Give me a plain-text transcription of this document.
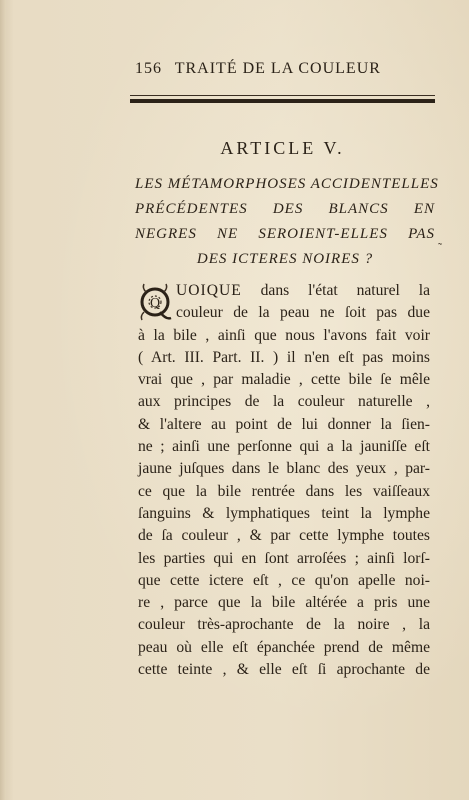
156 TRAITÉ DE LA COULEUR
ARTICLE V.
LES MÉTAMORPHOSES ACCIDENTELLES
PRÉCÉDENTES DES BLANCS EN
NEGRES NE SEROIENT-ELLES PAS
DES ICTERES NOIRES ?
˜
Q
UOIQUE dans l'état naturel la
couleur de la peau ne ſoit pas due
à la bile , ainſi que nous l'avons fait voir
( Art. III. Part. II. ) il n'en eſt pas moins
vrai que , par maladie , cette bile ſe mêle
aux principes de la couleur naturelle ,
& l'altere au point de lui donner la ſien-
ne ; ainſi une perſonne qui a la jauniſſe eſt
jaune juſques dans le blanc des yeux , par-
ce que la bile rentrée dans les vaiſſeaux
ſanguins & lymphatiques teint la lymphe
de ſa couleur , & par cette lymphe toutes
les parties qui en ſont arroſées ; ainſi lorſ-
que cette ictere eſt , ce qu'on apelle noi-
re , parce que la bile altérée a pris une
couleur très-aprochante de la noire , la
peau où elle eſt épanchée prend de même
cette teinte , & elle eſt ſi aprochante de
